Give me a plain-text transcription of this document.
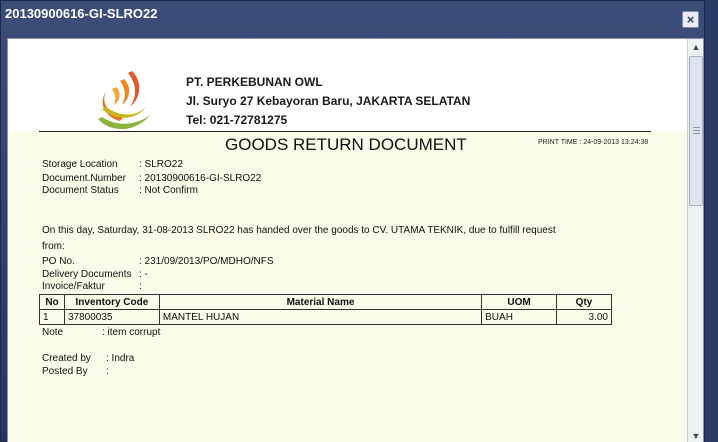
20130900616-GI-SLRO22	×
PT. PERKEBUNAN OWL
Jl. Suryo 27 Kebayoran Baru, JAKARTA SELATAN
Tel: 021-72781275
GOODS RETURN DOCUMENT	PRINT TIME : 24-09-2013 13:24:38
Storage Location : SLRO22
Document.Number : 20130900616-GI-SLRO22
Document Status : Not Confirm
On this day, Saturday, 31-08-2013 SLRO22 has handed over the goods to CV. UTAMA TEKNIK, due to fulfill request
from:
PO No.	: 231/09/2013/PO/MDHO/NFS
Delivery Documents : -
Invoice/Faktur	:
No	Inventory Code	Material Name	UOM	Qty
1	37800035	MANTEL HUJAN	BUAH	3.00
Note	: item corrupt
Created by : Indra
Posted By :
▲
▼
